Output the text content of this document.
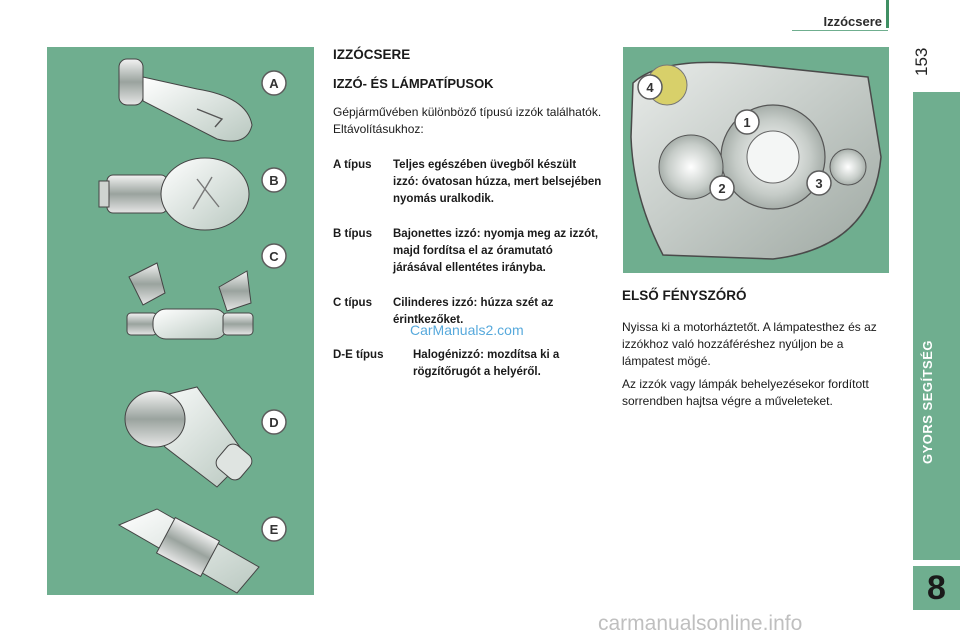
Izzócsere
153
GYORS SEGÍTSÉG
8
A
B
C
D
E
IZZÓCSERE
IZZÓ- ÉS LÁMPATÍPUSOK
Gépjárművében különböző típusú izzók találhatók. Eltávolításukhoz:
A típus	Teljes egészében üvegből készült izzó: óvatosan húzza, mert belsejében nyomás uralkodik.
B típus	Bajonettes izzó: nyomja meg az izzót, majd fordítsa el az óramutató járásával ellentétes irányba.
C típus	Cilinderes izzó: húzza szét az érintkezőket.
D-E típus	Halogénizzó: mozdítsa ki a rögzítőrugót a helyéről.
CarManuals2.com
4
1
2	3
ELSŐ FÉNYSZÓRÓ
Nyissa ki a motorháztetőt. A lámpatesthez és az izzókhoz való hozzáféréshez nyúljon be a lámpatest mögé.
Az izzók vagy lámpák behelyezésekor fordított sorrendben hajtsa végre a műveleteket.
carmanualsonline.info
